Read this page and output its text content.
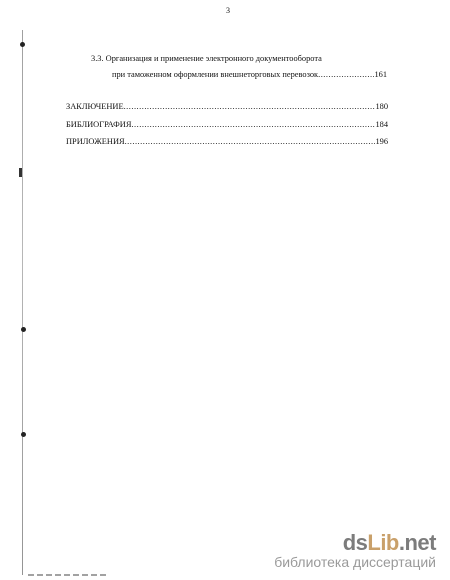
3
3.3. Организация и применение электронного документооборота
при таможенном оформлении внешнеторговых перевозок .....	161
ЗАКЛЮЧЕНИЕ .....	180
БИБЛИОГРАФИЯ .....	184
ПРИЛОЖЕНИЯ .....	196
dsLib.net
библиотека диссертаций
